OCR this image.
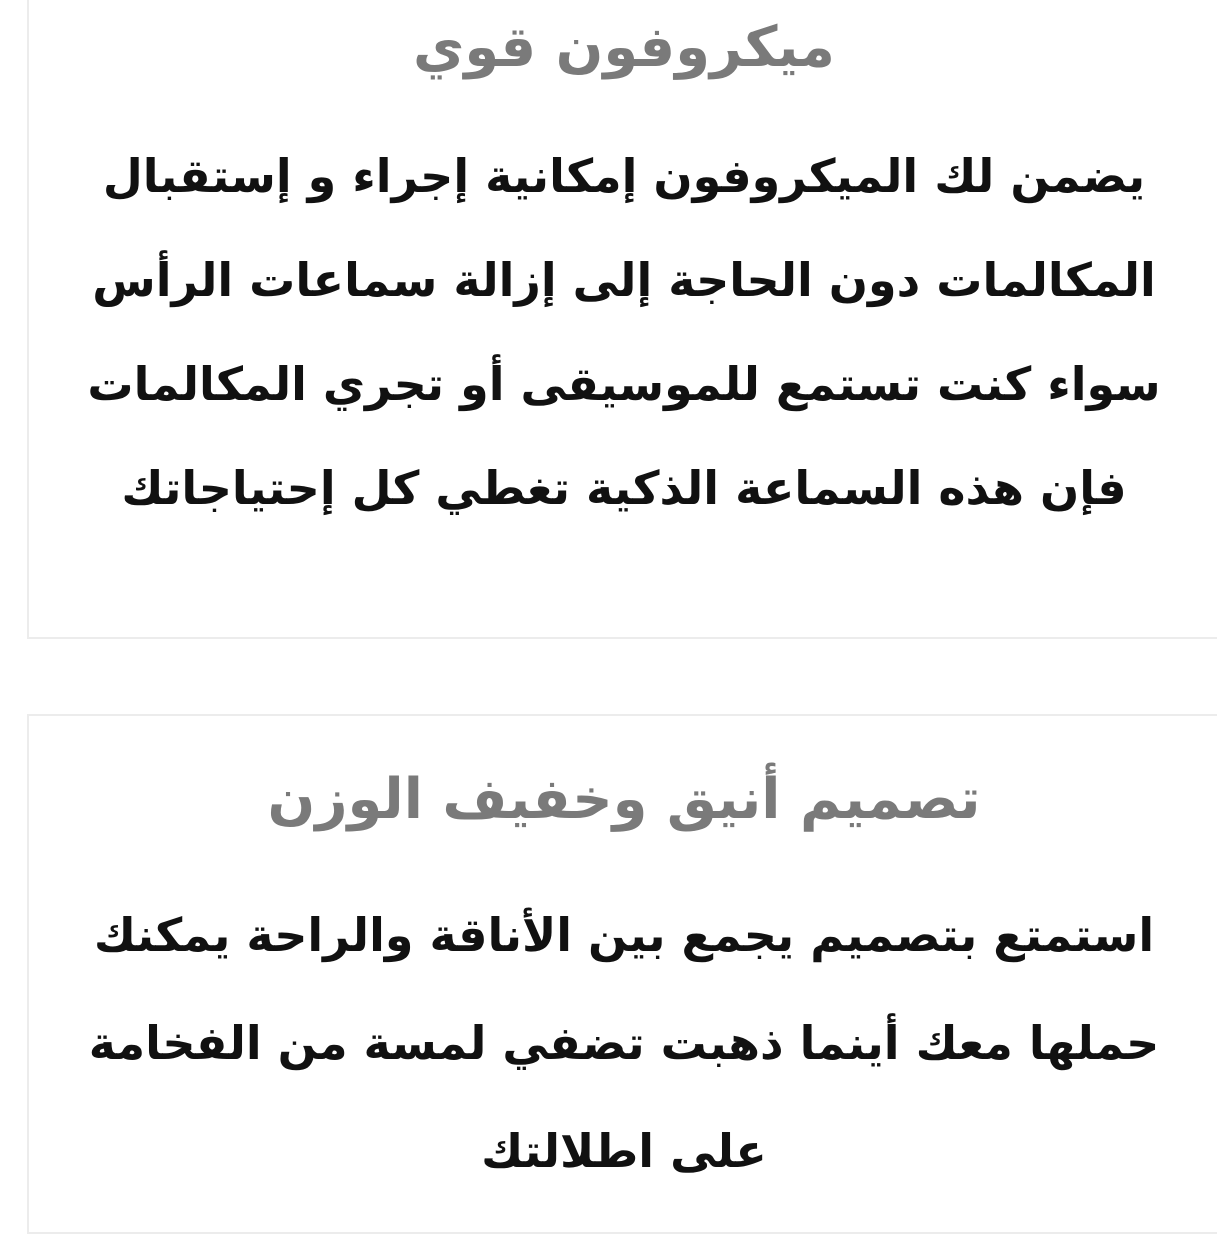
ميكروفون قوي
يضمن لك الميكروفون إمكانية إجراء و إستقبال
المكالمات دون الحاجة إلى إزالة سماعات الرأس
سواء كنت تستمع للموسيقى أو تجري المكالمات
فإن هذه السماعة الذكية تغطي كل إحتياجاتك
تصميم أنيق وخفيف الوزن
استمتع بتصميم يجمع بين الأناقة والراحة يمكنك
حملها معك أينما ذهبت تضفي لمسة من الفخامة
على اطلالتك
